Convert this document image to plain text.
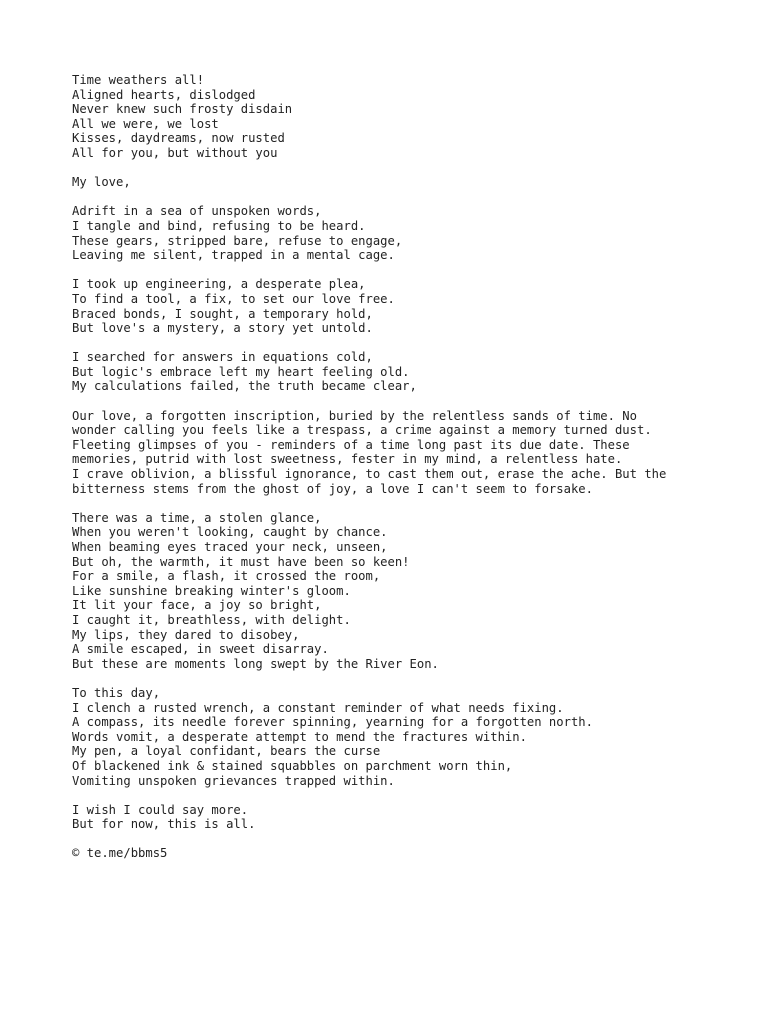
Time weathers all!
Aligned hearts, dislodged
Never knew such frosty disdain
All we were, we lost
Kisses, daydreams, now rusted
All for you, but without you
My love,
Adrift in a sea of unspoken words,
I tangle and bind, refusing to be heard.
These gears, stripped bare, refuse to engage,
Leaving me silent, trapped in a mental cage.
I took up engineering, a desperate plea,
To find a tool, a fix, to set our love free.
Braced bonds, I sought, a temporary hold,
But love's a mystery, a story yet untold.
I searched for answers in equations cold,
But logic's embrace left my heart feeling old.
My calculations failed, the truth became clear,
Our love, a forgotten inscription, buried by the relentless sands of time. No
wonder calling you feels like a trespass, a crime against a memory turned dust.
Fleeting glimpses of you - reminders of a time long past its due date. These
memories, putrid with lost sweetness, fester in my mind, a relentless hate.
I crave oblivion, a blissful ignorance, to cast them out, erase the ache. But the
bitterness stems from the ghost of joy, a love I can't seem to forsake.
There was a time, a stolen glance,
When you weren't looking, caught by chance.
When beaming eyes traced your neck, unseen,
But oh, the warmth, it must have been so keen!
For a smile, a flash, it crossed the room,
Like sunshine breaking winter's gloom.
It lit your face, a joy so bright,
I caught it, breathless, with delight.
My lips, they dared to disobey,
A smile escaped, in sweet disarray.
But these are moments long swept by the River Eon.
To this day,
I clench a rusted wrench, a constant reminder of what needs fixing.
A compass, its needle forever spinning, yearning for a forgotten north.
Words vomit, a desperate attempt to mend the fractures within.
My pen, a loyal confidant, bears the curse
Of blackened ink & stained squabbles on parchment worn thin,
Vomiting unspoken grievances trapped within.
I wish I could say more.
But for now, this is all.

© te.me/bbms5
